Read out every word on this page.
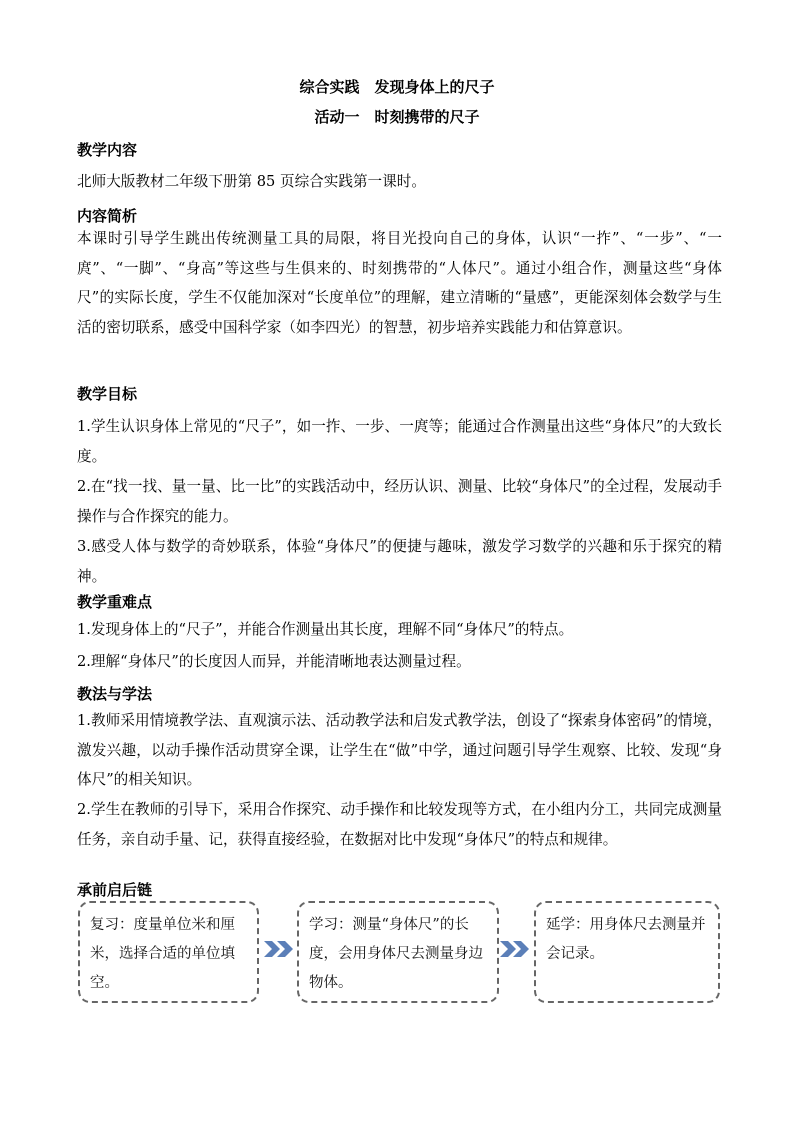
综合实践　发现身体上的尺子
活动一　时刻携带的尺子
教学内容

北师大版教材二年级下册第 85 页综合实践第一课时。

内容简析

本课时引导学生跳出传统测量工具的局限，将目光投向自己的身体，认识“一拃”、“一步”、“一庹”、“一脚”、“身高”等这些与生俱来的、时刻携带的“人体尺”。通过小组合作，测量这些“身体尺”的实际长度，学生不仅能加深对“长度单位”的理解，建立清晰的“量感”，更能深刻体会数学与生活的密切联系，感受中国科学家（如李四光）的智慧，初步培养实践能力和估算意识。

教学目标

1.学生认识身体上常见的“尺子”，如一拃、一步、一庹等；能通过合作测量出这些“身体尺”的大致长度。

2.在“找一找、量一量、比一比”的实践活动中，经历认识、测量、比较“身体尺”的全过程，发展动手操作与合作探究的能力。

3.感受人体与数学的奇妙联系，体验“身体尺”的便捷与趣味，激发学习数学的兴趣和乐于探究的精神。

教学重难点

1.发现身体上的“尺子”，并能合作测量出其长度，理解不同“身体尺”的特点。

2.理解“身体尺”的长度因人而异，并能清晰地表达测量过程。

教法与学法

1.教师采用情境教学法、直观演示法、活动教学法和启发式教学法，创设了“探索身体密码”的情境，激发兴趣，以动手操作活动贯穿全课，让学生在“做”中学，通过问题引导学生观察、比较、发现“身体尺”的相关知识。

2.学生在教师的引导下，采用合作探究、动手操作和比较发现等方式，在小组内分工，共同完成测量任务，亲自动手量、记，获得直接经验，在数据对比中发现“身体尺”的特点和规律。

承前启后链
复习：度量单位米和厘米，选择合适的单位填空。
学习：测量“身体尺”的长度，会用身体尺去测量身边物体。
延学：用身体尺去测量并会记录。
